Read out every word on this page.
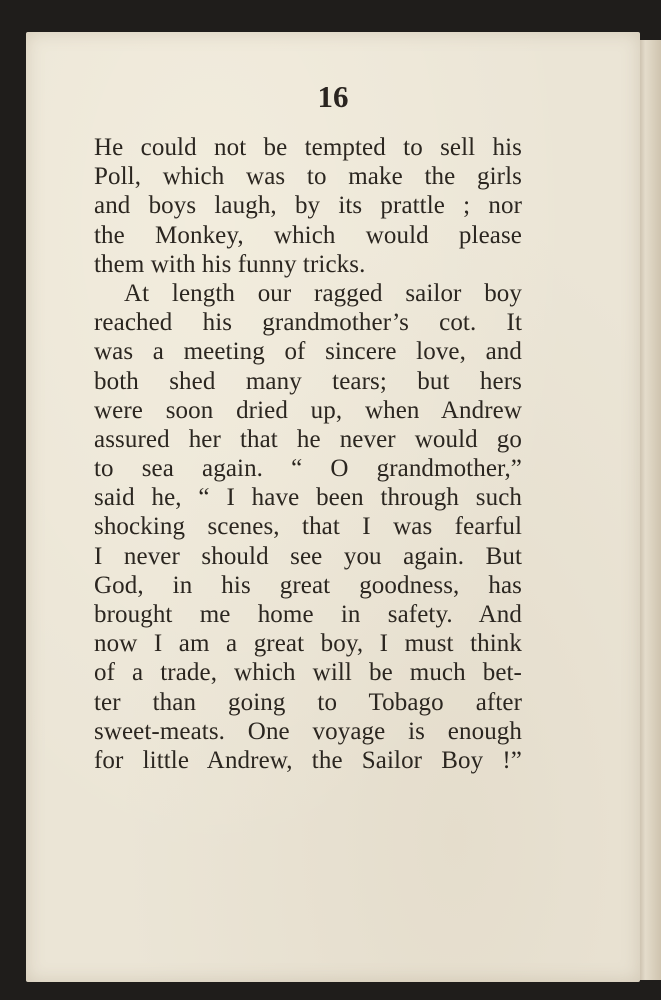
16
He could not be tempted to sell his
Poll, which was to make the girls
and boys laugh, by its prattle ; nor
the Monkey, which would please
them with his funny tricks.
At length our ragged sailor boy
reached his grandmother’s cot. It
was a meeting of sincere love, and
both shed many tears; but hers
were soon dried up, when Andrew
assured her that he never would go
to sea again. “ O grandmother,”
said he, “ I have been through such
shocking scenes, that I was fearful
I never should see you again. But
God, in his great goodness, has
brought me home in safety. And
now I am a great boy, I must think
of a trade, which will be much bet-
ter than going to Tobago after
sweet-meats. One voyage is enough
for little Andrew, the Sailor Boy !”
